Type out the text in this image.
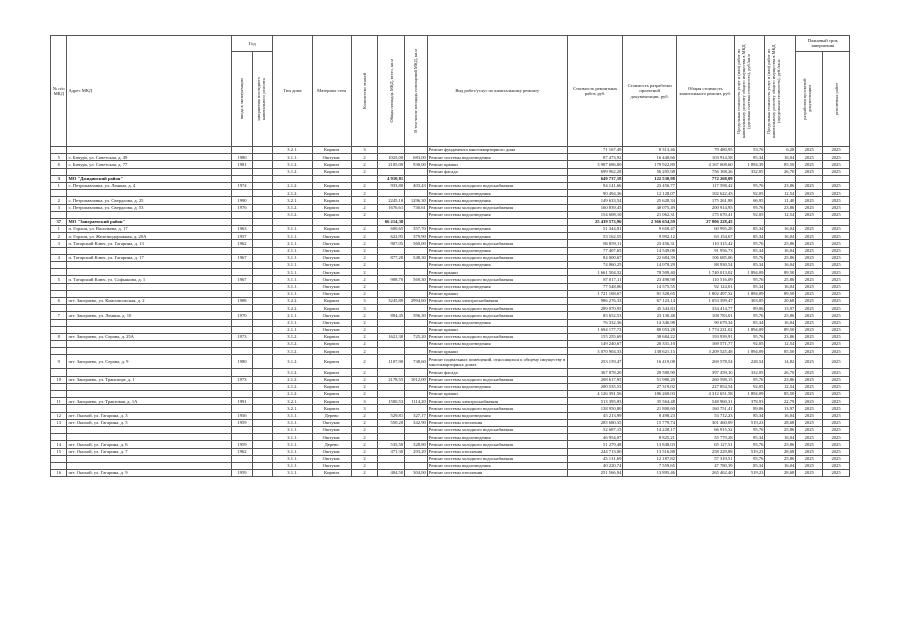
№ п/п МКД	Адрес МКД	Год		Тип дома	Материал стен	Количество этажей	Общая площадь МКД, всего, кв.м	В том числе площадь помещений МКД, кв.м	Вид работ/услуг по капитальному ремонту	Стоимость ремонтных работ, руб.	Стоимость разработки проектной документации, руб.	Общая стоимость капитального ремонт, руб.	Предельная стоимость услуг и (или) работ по капитальному ремонту общего имущества в МКД (удельная сметная стоимость), руб./кв.м	Предельная стоимость услуг и (или) работ по капитальному ремонту общего имущества в МКД (предельная стоимость), руб./кв.м	Плановый срок завершения	

		ввода в эксплуатацию	завершения последнего капитального ремонта												разработки проектной документации	ремонтных работ

				3.2.1.	Кирпич	3			Ремонт фундамента многоквартирного дома	71 167,49	8 313,46	79 480,95	53,76	6,28	2025	2025
5	с. Бичура, ул. Советская, д. 49	1980		3.1.1.	Оштукат.	2	1025,00	683,00	Ремонт системы водоотведения	87 473,92	16 440,66	103 914,58	85,34	16,04	2025	2025
6	с. Бичура, ул. Советская, д. 77	1981		3.1.2.	Кирпич	2	2105,00	930,00	Ремонт крыши	3 987 686,80	179 922,80	4 167 608,60	1 894,39	85,50	2025	2025
				3.1.2.	Кирпич	2			Ремонт фасада	699 962,28	56 205,98	756 168,26	332,05	26,70	2025	2025
3	МО "Джидинский район"						4 910,81			649 737,18	122 530,98	772 268,09				
1	с. Петропавловка, ул. Ленина, д. 4	1974		2.1.2.	Кирпич	2	933,80	403,43	Ремонт системы холодного водоснабжения	94 141,66	23 456,77	117 598,42	95,76	23,86	2025	2025
				2.1.2.	Кирпич	2			Ремонт системы водоотведения	90 494,36	12 128,07	102 622,43	92,05	12,54	2025	2025
2	с. Петропавловка, ул. Свердлова, д. 25	1990		3.2.1.	Кирпич	2	2245,10	1296,30	Ремонт системы водоотведения	149 633,54	25 628,34	175 261,88	66,95	11,40	2025	2025
3	с. Петропавловка, ул. Свердлова, д. 53	1976		3.1.2.	Кирпич	2	1676,61	730,61	Ремонт системы холодного водоснабжения	160 839,45	40 075,49	200 914,95	95,76	23,86	2025	2025
				3.1.2.	Кирпич	2			Ремонт системы водоотведения	154 608,10	21 062,31	175 670,41	92,05	12,54	2025	2025
37	МО "Заиграевский район"						66 214,38			25 439 573,96	2 366 654,59	27 806 228,45				
1	п. Горхон, ул. Васильева, д. 17	1963		3.1.1.	Кирпич	2	600,65	357,70	Ремонт системы водоотведения	51 344,81	9 650,47	60 995,28	85,34	16,04	2025	2025
2	п. Горхон, ул. Железнодорожная, д. 20А	1957		3.1.1.	Оштукат.	2	622,95	379,90	Ремонт системы водоотведения	53 162,55	9 992,12	63 154,67	85,34	16,04	2025	2025
3	п. Татарский Ключ, ул. Гагарина, д. 13	1962		2.1.1.	Оштукат.	2	907,05	560,00	Ремонт системы холодного водоснабжения	86 859,11	23 456,31	110 315,42	95,76	25,86	2025	2025
				2.1.1.	Оштукат.	2			Ремонт системы водоотведения	77 407,65	14 549,08	91 956,73	85,34	16,04	2025	2025
4	п. Татарский Ключ, ул. Гагарина, д. 17	1967		3.1.1.	Оштукат.	2	877,20	548,30	Ремонт системы холодного водоснабжения	84 000,67	22 684,39	106 685,06	95,76	25,86	2025	2025
				3.1.1.	Оштукат.	2			Ремонт системы водоотведения	74 860,25	14 070,29	88 930,54	85,34	16,04	2025	2025
				3.1.1.	Оштукат.	2			Ремонт крыши	1 661 504,32	78 509,40	1 740 013,02	1 894,09	89,50	2025	2025
5	п. Татарский Ключ, ул. Софьянова, д. 1	1967		3.1.1.	Оштукат.	2	908,70	569,30	Ремонт системы холодного водоснабжения	87 017,11	23 498,98	110 516,09	95,76	25,86	2025	2025
				3.1.1.	Оштукат.	2			Ремонт системы водоотведения	77 548,06	14 575,55	92 124,01	85,34	16,04	2025	2025
				3.1.1.	Оштукат.	2			Ремонт крыши	1 721 168,67	81 328,65	1 802 497,32	1 894,09	89,50	2025	2025
6	пгт. Заиграево, ул. Комсомольская, д. 2	1988		3.2.2.	Кирпич	3	3245,80	2994,60	Ремонт системы электроснабжения	986 276,33	67 123,14	1 053 399,47	303,85	20,68	2025	2025
				3.2.2.	Кирпич	3			Ремонт системы холодного водоснабжения	289 070,95	45 343,83	334 414,77	89,06	13,97	2025	2025
7	пгт. Заиграево, ул. Ленина, д. 10	1970		2.1.1.	Оштукат.	2	894,45	596,30	Ремонт системы холодного водоснабжения	85 652,53	23 130,48	108 783,01	95,76	25,86	2025	2025
				2.1.1.	Оштукат.	2			Ремонт системы водоотведения	76 332,36	14 346,98	90 679,34	85,34	16,04	2025	2025
				2.1.1.	Оштукат.	2			Ремонт крыши	1 694 177,73	80 053,28	1 774 231,02	1 894,09	89,50	2025	2025
8	пгт. Заиграево, ул. Серова, д. 25А	1973		3.1.2.	Кирпич	2	1621,30	725,20	Ремонт системы холодного водоснабжения	155 255,69	38 684,22	193 939,91	95,76	23,86	2025	2025
				3.1.2.	Кирпич	2			Ремонт системы водоотведения	149 240,67	20 331,10	169 571,77	92,05	12,54	2025	2025
				3.1.2.	Кирпич	2			Ремонт крыши	3 070 904,33	138 621,15	3 209 525,48	1 894,09	85,50	2025	2025
9	пгт. Заиграево, ул. Серова, д. 9	1980		3.1.2.	Кирпич	2	1107,90	738,60	Ремонт подвальных помещений, относящихся к общему имуществу в многоквартирных домах	253 159,47	16 419,08	269 578,54	228,54	14,82	2025	2025
				3.1.2.	Кирпич	2			Ремонт фасада	367 878,20	29 580,90	397 459,10	332,05	26,70	2025	2025
10	пгт. Заиграево, ул. Транспорт, д. 1	1973		2.1.2.	Кирпич	2	2178,55	1012,00	Ремонт системы холодного водоснабжения	208 617,95	51 980,20	260 598,15	95,76	23,86	2025	2025
				2.1.2.	Кирпич	2			Ремонт системы водоотведения	200 535,53	27 319,02	227 854,54	92,05	12,54	2025	2025
				2.1.2.	Кирпич	2			Ремонт крыши	4 126 391,56	186 260,03	4 312 651,58	1 894,09	85,50	2025	2025
11	пгт. Заиграево, ул. Трактовая, д. 1А	1991		3.2.1.	Кирпич	3	1500,53	1114,20	Ремонт системы электроснабжения	513 395,83	35 564,48	548 960,31	378,93	22,79	2025	2025
				3.2.1.	Кирпич	3			Ремонт системы холодного водоснабжения	138 950,80	21 800,60	160 751,41	89,06	13,97	2025	2025
12	пгт. Онохой, ул. Гагарина, д. 3	1956		3.1.1.	Дерево	2	529,81	327,17	Ремонт системы водоотведения	45 213,99	8 498,23	53 712,23	85,34	16,04	2025	2025
13	пгт. Онохой, ул. Гагарина, д. 5	1959		3.1.1.	Оштукат.	2	550,20	342,90	Ремонт системы отопления	285 680,35	15 779,74	301 460,09	519,23	28,68	2025	2025
				3.1.1.	Оштукат.	2			Ремонт системы холодного водоснабжения	52 687,15	14 228,17	66 915,32	95,76	25,86	2025	2025
				3.1.1.	Оштукат.	2			Ремонт системы водоотведения	46 954,07	8 825,21	55 779,28	85,34	16,04	2025	2025
14	пгт. Онохой, ул. Гагарина, д. 6	1959		3.1.1.	Дерево	2	535,50	328,80	Ремонт системы холодного водоснабжения	51 279,48	13 848,03	65 127,51	95,76	25,86	2025	2025
15	пгт. Онохой, ул. Гагарина, д. 7	1962		3.1.1.	Оштукат.	2	471,30	293,20	Ремонт системы отопления	244 713,00	13 516,88	258 229,88	519,23	28,68	2025	2025
				3.1.1.	Оштукат.	2			Ремонт системы холодного водоснабжения	45 131,69	12 187,82	57 319,51	95,76	25,86	2025	2025
				3.1.1.	Оштукат.	2			Ремонт системы водоотведения	40 220,74	7 559,65	47 780,39	85,34	16,04	2025	2025
16	пгт. Онохой, ул. Гагарина, д. 9	1959		3.1.1.	Кирпич	2	484,50	304,00	Ремонт системы отопления	251 566,94	13 895,46	265 462,40	519,23	28,68	2025	2025
